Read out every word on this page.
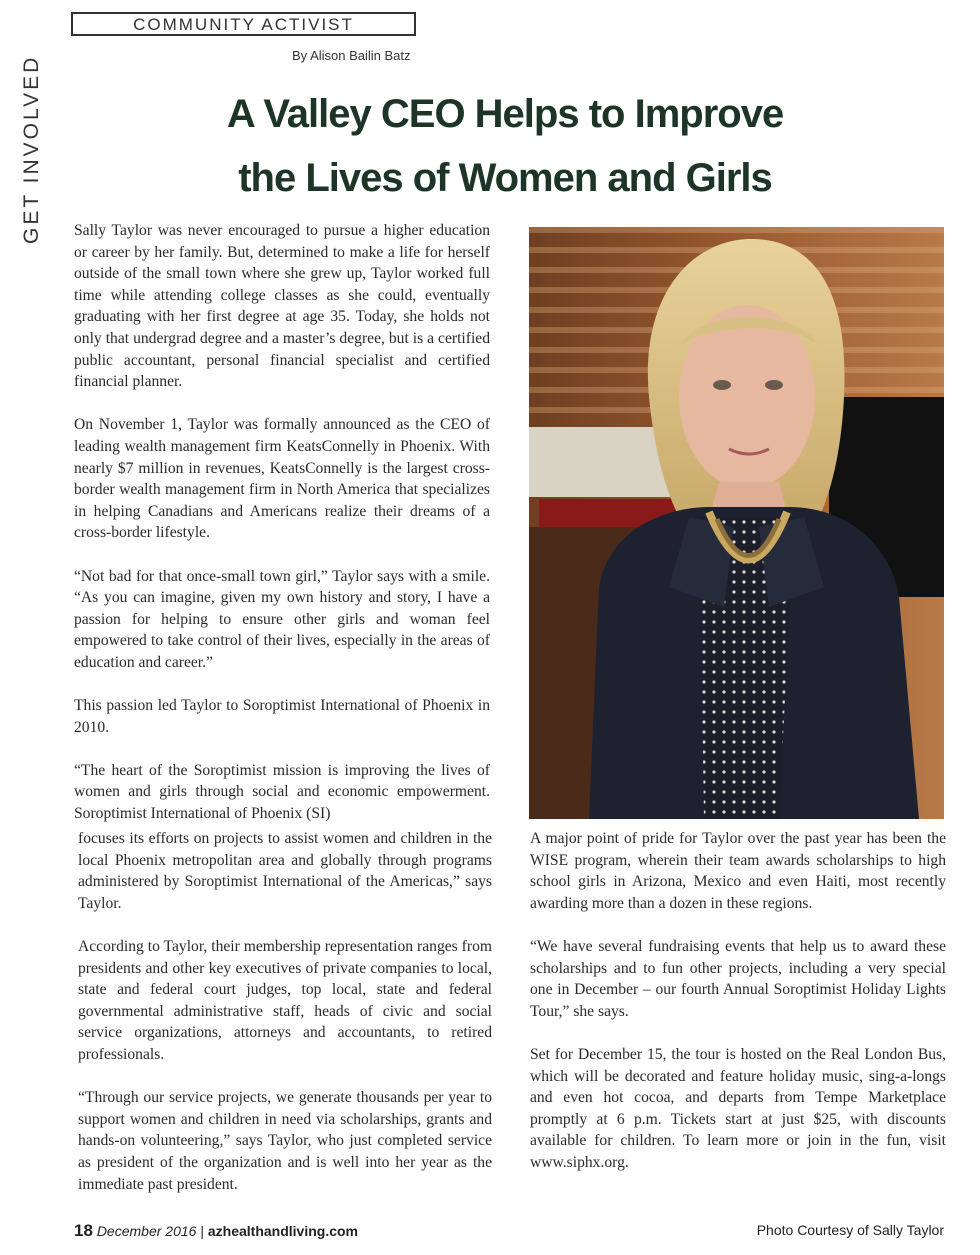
COMMUNITY ACTIVIST
By Alison Bailin Batz
GET INVOLVED	A Valley CEO Helps to Improve
the Lives of Women and Girls

Sally Taylor was never encouraged to pursue a higher education or career by her family. But, determined to make a life for herself outside of the small town where she grew up, Taylor worked full time while attending college classes as she could, eventually graduating with her first degree at age 35. Today, she holds not only that undergrad degree and a master’s degree, but is a certified public accountant, personal financial specialist and certified financial planner.

On November 1, Taylor was formally announced as the CEO of leading wealth management firm KeatsConnelly in Phoenix. With nearly $7 million in revenues, KeatsConnelly is the largest cross-border wealth management firm in North America that specializes in helping Canadians and Americans realize their dreams of a cross-border lifestyle.

“Not bad for that once-small town girl,” Taylor says with a smile. “As you can imagine, given my own history and story, I have a passion for helping to ensure other girls and woman feel empowered to take control of their lives, especially in the areas of education and career.”

This passion led Taylor to Soroptimist International of Phoenix in 2010.

“The heart of the Soroptimist mission is improving the lives of women and girls through social and economic empowerment. Soroptimist International of Phoenix (SI)

focuses its efforts on projects to assist women and children in the local Phoenix metropolitan area and globally through programs administered by Soroptimist International of the Americas,” says Taylor.

According to Taylor, their membership representation ranges from presidents and other key executives of private companies to local, state and federal court judges, top local, state and federal governmental administrative staff, heads of civic and social service organizations, attorneys and accountants, to retired professionals.

“Through our service projects, we generate thousands per year to support women and children in need via scholarships, grants and hands-on volunteering,” says Taylor, who just completed service as president of the organization and is well into her year as the immediate past president.

A major point of pride for Taylor over the past year has been the WISE program, wherein their team awards scholarships to high school girls in Arizona, Mexico and even Haiti, most recently awarding more than a dozen in these regions.

“We have several fundraising events that help us to award these scholarships and to fun other projects, including a very special one in December – our fourth Annual Soroptimist Holiday Lights Tour,” she says.

Set for December 15, the tour is hosted on the Real London Bus, which will be decorated and feature holiday music, sing-a-longs and even hot cocoa, and departs from Tempe Marketplace promptly at 6 p.m. Tickets start at just $25, with discounts available for children. To learn more or join in the fun, visit www.siphx.org.

18 December 2016 | azhealthandliving.com	Photo Courtesy of Sally Taylor
